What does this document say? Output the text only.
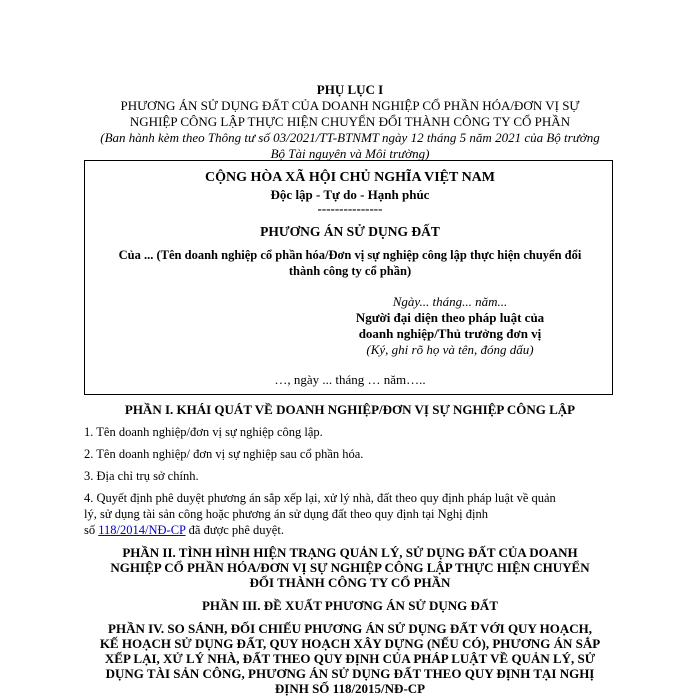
PHỤ LỤC I
PHƯƠNG ÁN SỬ DỤNG ĐẤT CỦA DOANH NGHIỆP CỔ PHẦN HÓA/ĐƠN VỊ SỰ
NGHIỆP CÔNG LẬP THỰC HIỆN CHUYỂN ĐỔI THÀNH CÔNG TY CỔ PHẦN
(Ban hành kèm theo Thông tư số 03/2021/TT-BTNMT ngày 12 tháng 5 năm 2021 của Bộ trưởng
Bộ Tài nguyên và Môi trường)
CỘNG HÒA XÃ HỘI CHỦ NGHĨA VIỆT NAM
Độc lập - Tự do - Hạnh phúc
---------------
PHƯƠNG ÁN SỬ DỤNG ĐẤT
Của ... (Tên doanh nghiệp cổ phần hóa/Đơn vị sự nghiệp công lập thực hiện chuyển đổi
thành công ty cổ phần)
Ngày... tháng... năm...
Người đại diện theo pháp luật của
doanh nghiệp/Thủ trưởng đơn vị
(Ký, ghi rõ họ và tên, đóng dấu)
…, ngày ... tháng … năm…..
PHẦN I. KHÁI QUÁT VỀ DOANH NGHIỆP/ĐƠN VỊ SỰ NGHIỆP CÔNG LẬP
1. Tên doanh nghiệp/đơn vị sự nghiệp công lập.
2. Tên doanh nghiệp/ đơn vị sự nghiệp sau cổ phần hóa.
3. Địa chỉ trụ sở chính.
4. Quyết định phê duyệt phương án sắp xếp lại, xử lý nhà, đất theo quy định pháp luật về quản
lý, sử dụng tài sản công hoặc phương án sử dụng đất theo quy định tại Nghị định
số 118/2014/NĐ-CP đã được phê duyệt.
PHẦN II. TÌNH HÌNH HIỆN TRẠNG QUẢN LÝ, SỬ DỤNG ĐẤT CỦA DOANH
NGHIỆP CỔ PHẦN HÓA/ĐƠN VỊ SỰ NGHIỆP CÔNG LẬP THỰC HIỆN CHUYỂN
ĐỔI THÀNH CÔNG TY CỔ PHẦN
PHẦN III. ĐỀ XUẤT PHƯƠNG ÁN SỬ DỤNG ĐẤT
PHẦN IV. SO SÁNH, ĐỐI CHIẾU PHƯƠNG ÁN SỬ DỤNG ĐẤT VỚI QUY HOẠCH,
KẾ HOẠCH SỬ DỤNG ĐẤT, QUY HOẠCH XÂY DỰNG (NẾU CÓ), PHƯƠNG ÁN SẮP
XẾP LẠI, XỬ LÝ NHÀ, ĐẤT THEO QUY ĐỊNH CỦA PHÁP LUẬT VỀ QUẢN LÝ, SỬ
DỤNG TÀI SẢN CÔNG, PHƯƠNG ÁN SỬ DỤNG ĐẤT THEO QUY ĐỊNH TẠI NGHỊ
ĐỊNH SỐ 118/2015/NĐ-CP
